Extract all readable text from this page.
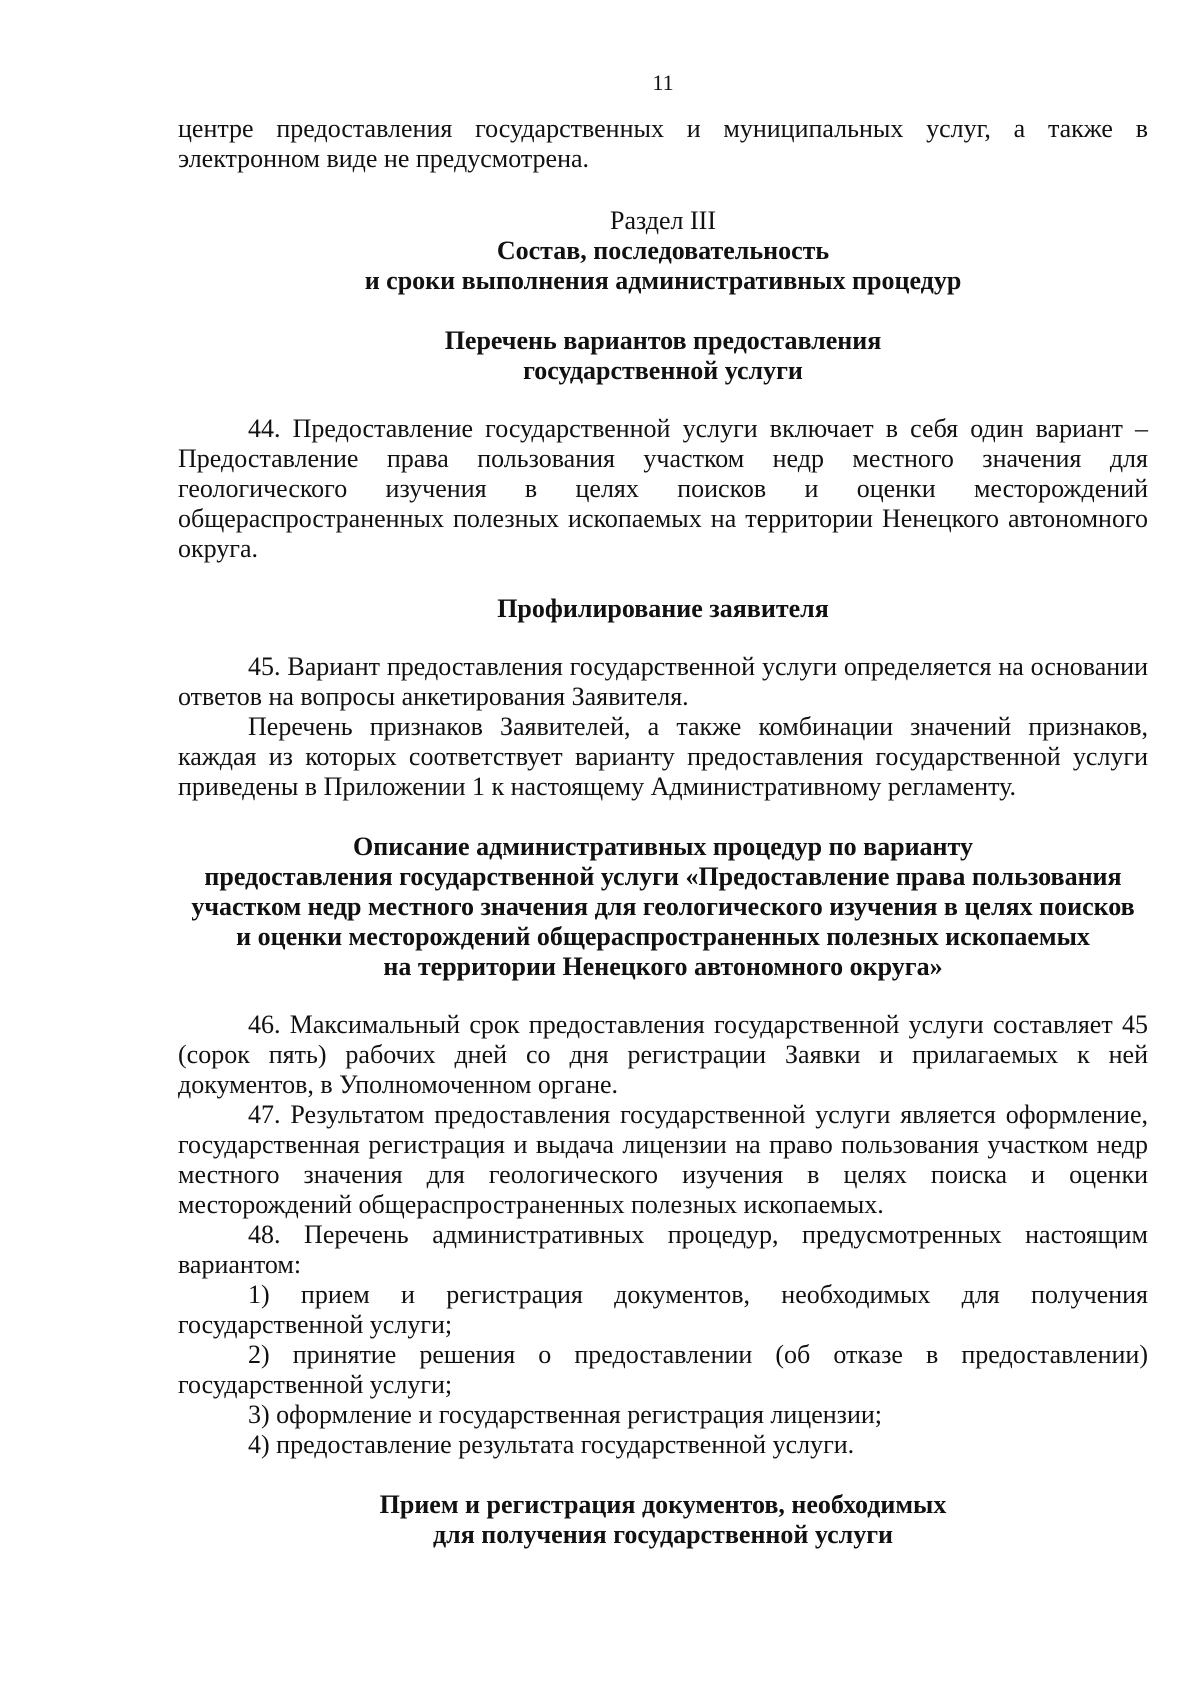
11

центре предоставления государственных и муниципальных услуг, а также в электронном виде не предусмотрена.

Раздел III

Состав, последовательность
и сроки выполнения административных процедур
Перечень вариантов предоставления
государственной услуги

44. Предоставление государственной услуги включает в себя один вариант – Предоставление права пользования участком недр местного значения для геологического изучения в целях поисков и оценки месторождений общераспространенных полезных ископаемых на территории Ненецкого автономного округа.

Профилирование заявителя

45. Вариант предоставления государственной услуги определяется на основании ответов на вопросы анкетирования Заявителя.

Перечень признаков Заявителей, а также комбинации значений признаков, каждая из которых соответствует варианту предоставления государственной услуги приведены в Приложении 1 к настоящему Административному регламенту.

Описание административных процедур по варианту
предоставления государственной услуги «Предоставление права пользования
участком недр местного значения для геологического изучения в целях поисков
и оценки месторождений общераспространенных полезных ископаемых
на территории Ненецкого автономного округа»

46. Максимальный срок предоставления государственной услуги составляет 45 (сорок пять) рабочих дней со дня регистрации Заявки и прилагаемых к ней документов, в Уполномоченном органе.

47. Результатом предоставления государственной услуги является оформление, государственная регистрация и выдача лицензии на право пользования участком недр местного значения для геологического изучения в целях поиска и оценки месторождений общераспространенных полезных ископаемых.

48. Перечень административных процедур, предусмотренных настоящим вариантом:

1) прием и регистрация документов, необходимых для получения государственной услуги;

2) принятие решения о предоставлении (об отказе в предоставлении) государственной услуги;

3) оформление и государственная регистрация лицензии;

4) предоставление результата государственной услуги.

Прием и регистрация документов, необходимых
для получения государственной услуги
